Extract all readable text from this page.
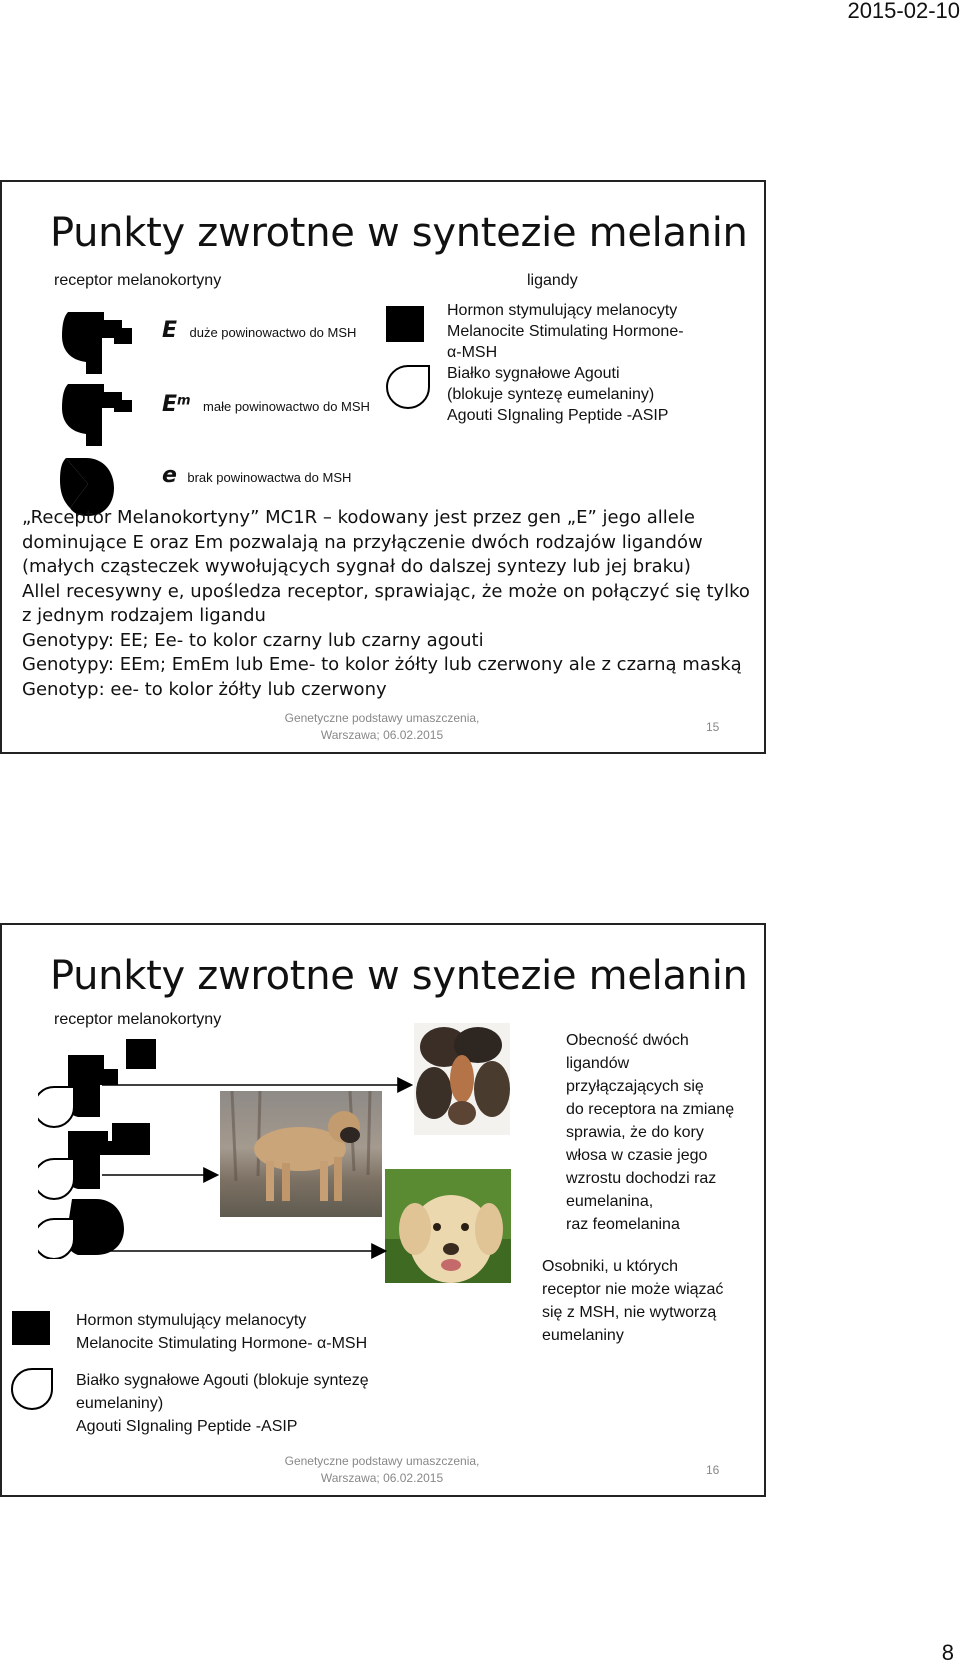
2015-02-10
8
Punkty zwrotne w syntezie melanin
receptor melanokortyny	ligandy
E duże powinowactwo do MSH
$E^m$ małe powinowactwo do MSH
e brak powinowactwa do MSH
Hormon stymulujący melanocyty
Melanocite Stimulating Hormone-
α-MSH
Białko sygnałowe Agouti
(blokuje syntezę eumelaniny)
Agouti SIgnaling Peptide -ASIP
„Receptor Melanokortyny” MC1R – kodowany jest przez gen „E” jego allele
dominujące E oraz Em pozwalają na przyłączenie dwóch rodzajów ligandów
(małych cząsteczek wywołujących sygnał do dalszej syntezy lub jej braku)
Allel recesywny e, upośledza receptor, sprawiając, że może on połączyć się tylko
z jednym rodzajem ligandu
Genotypy: EE; Ee- to kolor czarny lub czarny agouti
Genotypy: EEm; EmEm lub Eme- to kolor żółty lub czerwony ale z czarną maską
Genotyp: ee- to kolor żółty lub czerwony
Genetyczne podstawy umaszczenia,
Warszawa; 06.02.2015
15
Punkty zwrotne w syntezie melanin
receptor melanokortyny
Obecność dwóch
ligandów
przyłączających się
do receptora na zmianę
sprawia, że do kory
włosa w czasie jego
wzrostu dochodzi raz
eumelanina,
raz feomelanina
Osobniki, u których
receptor nie może wiązać
się z MSH, nie wytworzą
eumelaniny
Hormon stymulujący melanocyty
Melanocite Stimulating Hormone- α-MSH
Białko sygnałowe Agouti (blokuje syntezę
eumelaniny)
Agouti SIgnaling Peptide -ASIP
Genetyczne podstawy umaszczenia,
Warszawa; 06.02.2015
16
